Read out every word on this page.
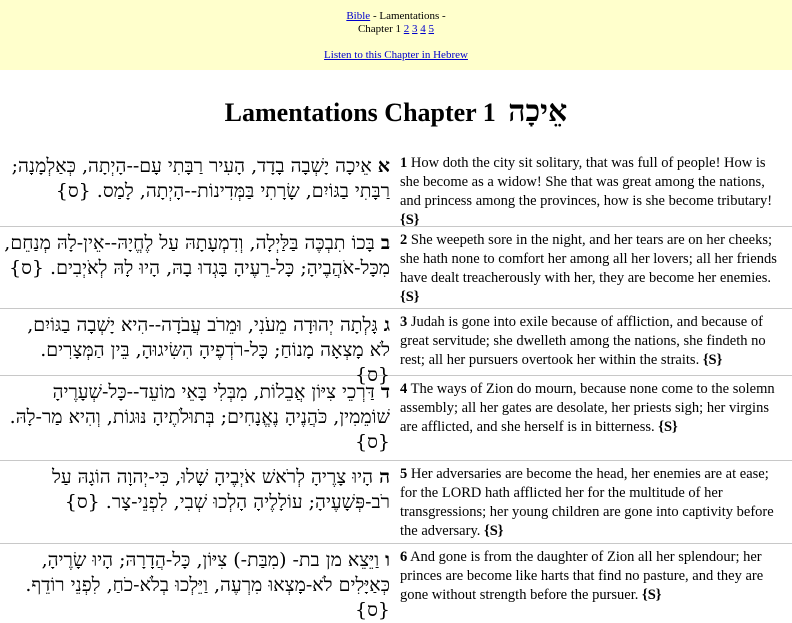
Bible - Lamentations -
Chapter 1 2 3 4 5
Listen to this Chapter in Hebrew
Lamentations Chapter 1 אֵיכָה
א אֵיכָה יָשְׁבָה בָדָד, הָעִיר רַבָּתִי עָם--הָיְתָה, כְּאַלְמָנָה; רַבָּתִי בַגּוֹיִם, שָׂרָתִי בַּמְּדִינוֹת--הָיְתָה, לָמַס. {ס}
1 How doth the city sit solitary, that was full of people! How is she become as a widow! She that was great among the nations, and princess among the provinces, how is she become tributary! {S}
ב בָּכוֹ תִבְכֶּה בַּלַּיְלָה, וְדִמְעָתָהּ עַל לֶחֱיָהּ--אֵין-לָהּ מְנַחֵם, מִכָּל-אֹהֲבֶיהָ; כָּל-רֵעֶיהָ בָּגְדוּ בָהּ, הָיוּ לָהּ לְאֹיְבִים. {ס}
2 She weepeth sore in the night, and her tears are on her cheeks; she hath none to comfort her among all her lovers; all her friends have dealt treacherously with her, they are become her enemies. {S}
ג גָּלְתָה יְהוּדָה מֵעֹנִי, וּמֵרֹב עֲבֹדָה--הִיא יָשְׁבָה בַגּוֹיִם, לֹא מָצְאָה מָנוֹחַ; כָּל-רֹדְפֶיהָ הִשִּׂיגוּהָ, בֵּין הַמְּצָרִים. {ס}
3 Judah is gone into exile because of affliction, and because of great servitude; she dwelleth among the nations, she findeth no rest; all her pursuers overtook her within the straits. {S}
ד דַּרְכֵי צִיּוֹן אֲבֵלוֹת, מִבְּלִי בָּאֵי מוֹעֵד--כָּל-שְׁעָרֶיהָ שׁוֹמֵמִין, כֹּהֲנֶיהָ נֶאֱנָחִים; בְּתוּלֹתֶיהָ נּוּגוֹת, וְהִיא מַר-לָהּ. {ס}
4 The ways of Zion do mourn, because none come to the solemn assembly; all her gates are desolate, her priests sigh; her virgins are afflicted, and she herself is in bitterness. {S}
ה הָיוּ צָרֶיהָ לְרֹאשׁ אֹיְבֶיהָ שָׁלוּ, כִּי-יְהוָה הוֹגָהּ עַל רֹב-פְּשָׁעֶיהָ; עוֹלָלֶיהָ הָלְכוּ שְׁבִי, לִפְנֵי-צָר. {ס}
5 Her adversaries are become the head, her enemies are at ease; for the LORD hath afflicted her for the multitude of her transgressions; her young children are gone into captivity before the adversary. {S}
ו וַיֵּצֵא מן בת- (מִבַּת-) צִיּוֹן, כָּל-הֲדָרָהּ; הָיוּ שָׂרֶיהָ, כְּאַיָּלִים לֹא-מָצְאוּ מִרְעֶה, וַיֵּלְכוּ בְלֹא-כֹחַ, לִפְנֵי רוֹדֵף. {ס}
6 And gone is from the daughter of Zion all her splendour; her princes are become like harts that find no pasture, and they are gone without strength before the pursuer. {S}
